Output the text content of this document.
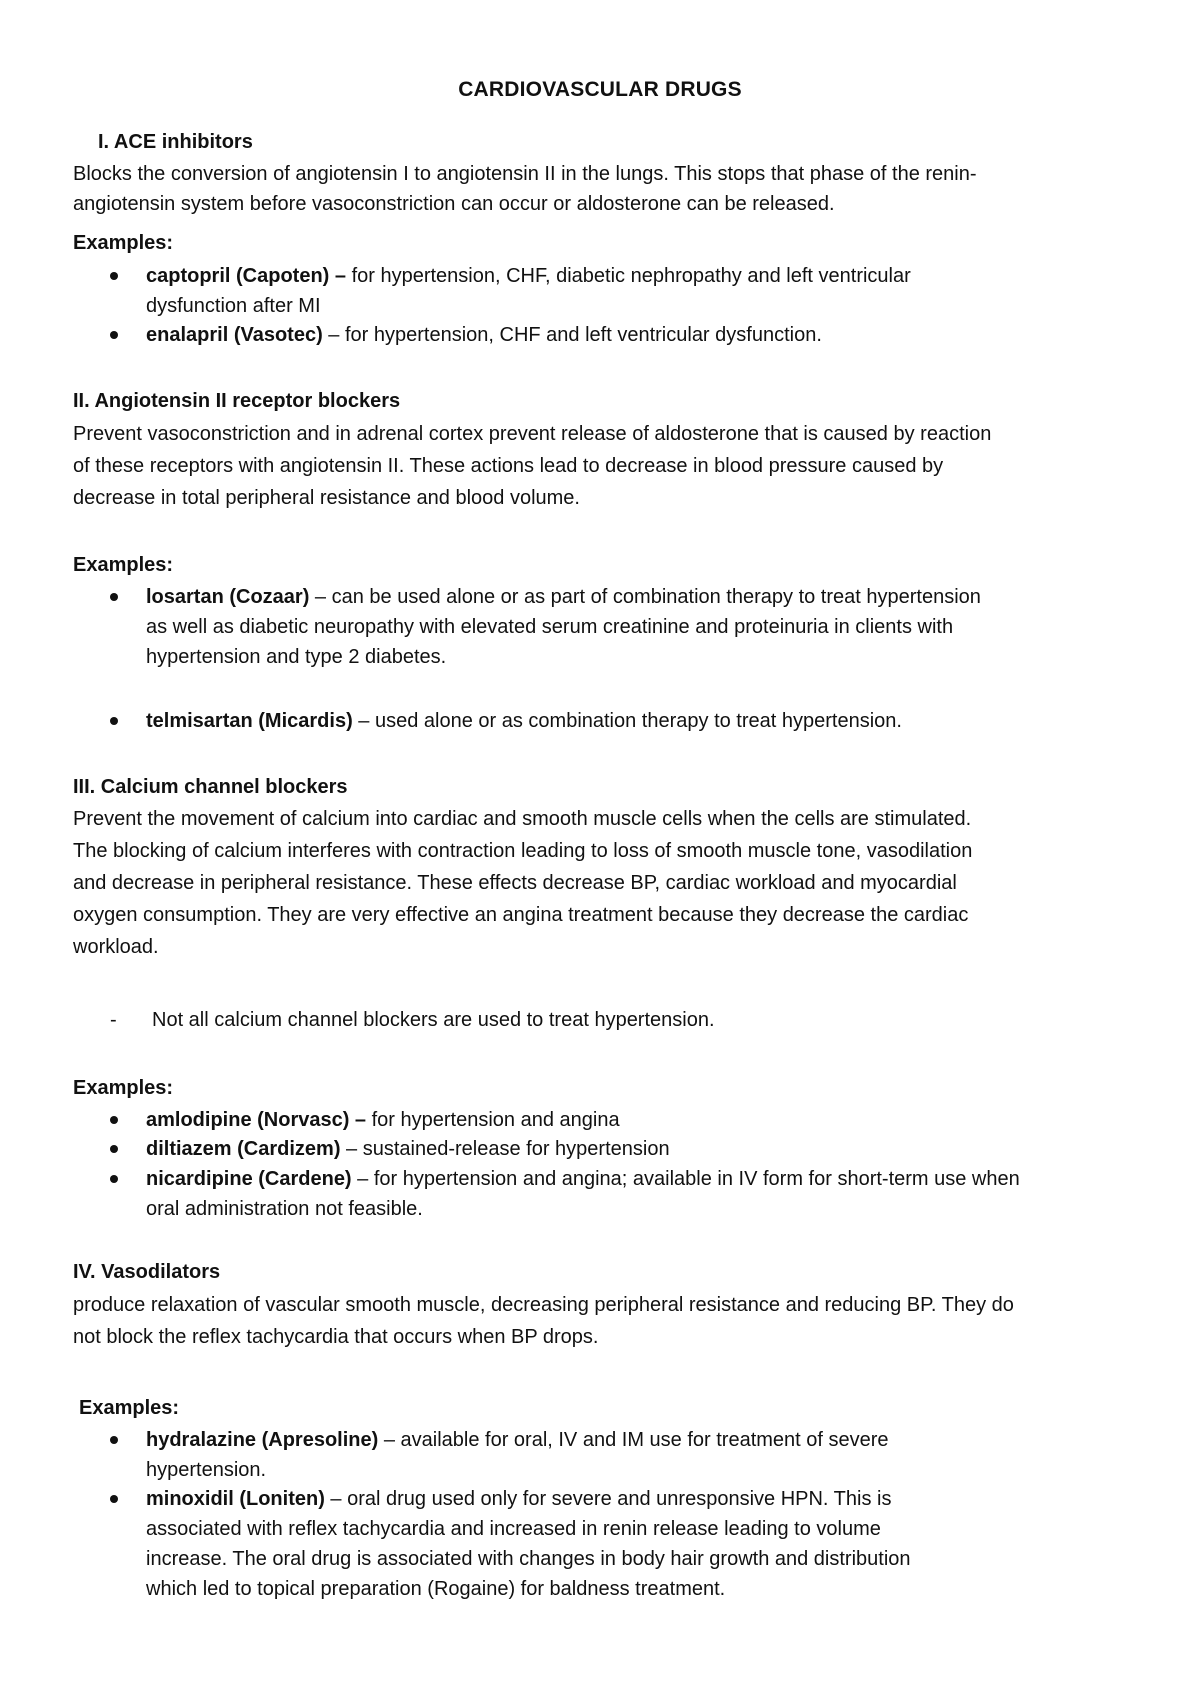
CARDIOVASCULAR DRUGS
I. ACE inhibitors
Blocks the conversion of angiotensin I to angiotensin II in the lungs. This stops that phase of the renin-
angiotensin system before vasoconstriction can occur or aldosterone can be released.
Examples:
captopril (Capoten) – for hypertension, CHF, diabetic nephropathy and left ventricular
dysfunction after MI
enalapril (Vasotec) – for hypertension, CHF and left ventricular dysfunction.
II. Angiotensin II receptor blockers
Prevent vasoconstriction and in adrenal cortex prevent release of aldosterone that is caused by reaction
of these receptors with angiotensin II. These actions lead to decrease in blood pressure caused by
decrease in total peripheral resistance and blood volume.
Examples:
losartan (Cozaar) – can be used alone or as part of combination therapy to treat hypertension
as well as diabetic neuropathy with elevated serum creatinine and proteinuria in clients with
hypertension and type 2 diabetes.
telmisartan (Micardis) – used alone or as combination therapy to treat hypertension.
III. Calcium channel blockers
Prevent the movement of calcium into cardiac and smooth muscle cells when the cells are stimulated.
The blocking of calcium interferes with contraction leading to loss of smooth muscle tone, vasodilation
and decrease in peripheral resistance. These effects decrease BP, cardiac workload and myocardial
oxygen consumption. They are very effective an angina treatment because they decrease the cardiac
workload.
- Not all calcium channel blockers are used to treat hypertension.
Examples:
amlodipine (Norvasc) – for hypertension and angina
diltiazem (Cardizem) – sustained-release for hypertension
nicardipine (Cardene) – for hypertension and angina; available in IV form for short-term use when
oral administration not feasible.
IV. Vasodilators
produce relaxation of vascular smooth muscle, decreasing peripheral resistance and reducing BP. They do
not block the reflex tachycardia that occurs when BP drops.
Examples:
hydralazine (Apresoline) – available for oral, IV and IM use for treatment of severe
hypertension.
minoxidil (Loniten) – oral drug used only for severe and unresponsive HPN. This is
associated with reflex tachycardia and increased in renin release leading to volume
increase. The oral drug is associated with changes in body hair growth and distribution
which led to topical preparation (Rogaine) for baldness treatment.
